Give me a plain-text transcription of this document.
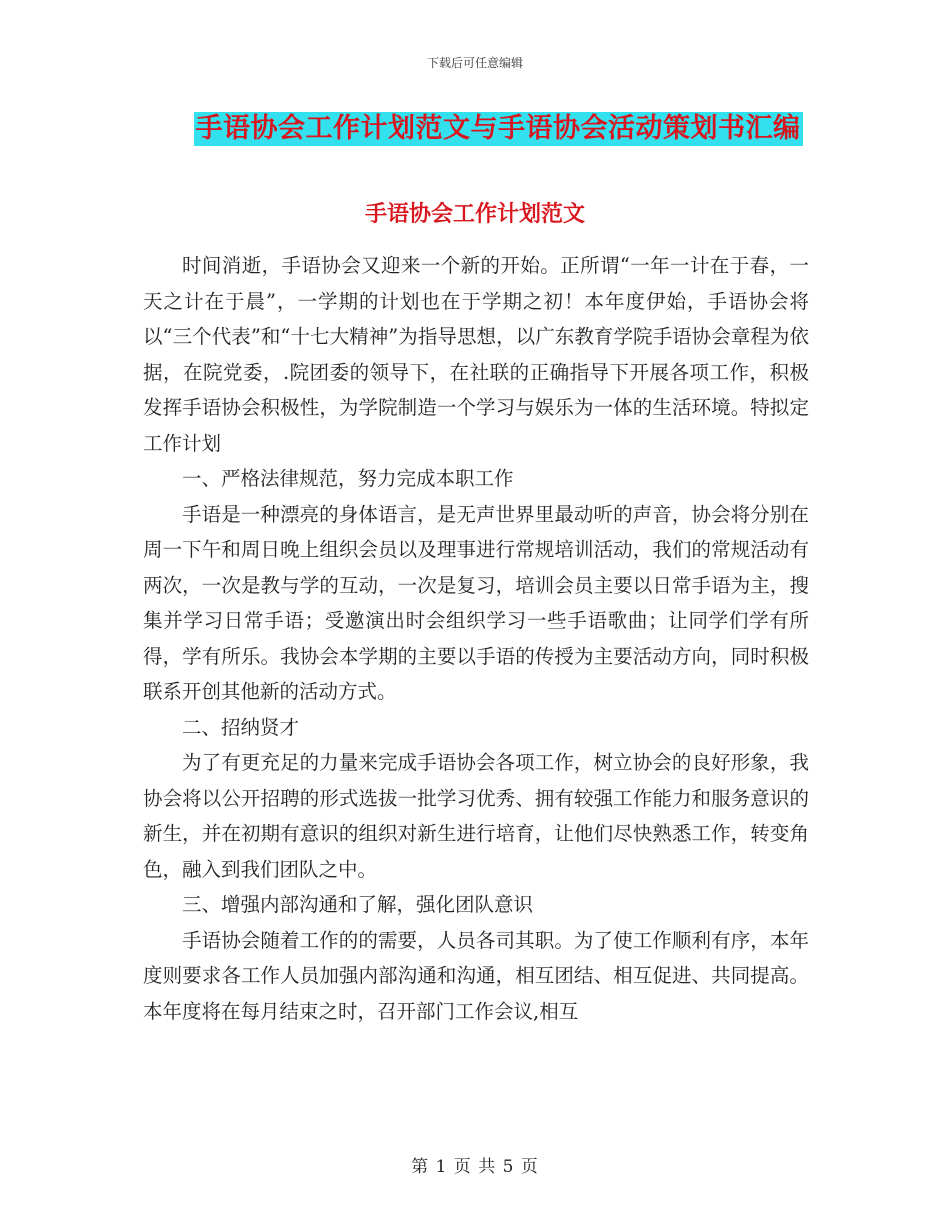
下载后可任意编辑
手语协会工作计划范文与手语协会活动策划书汇编
手语协会工作计划范文

时间消逝，手语协会又迎来一个新的开始。正所谓“一年一计在于春，一天之计在于晨”，一学期的计划也在于学期之初！本年度伊始，手语协会将以“三个代表”和“十七大精神”为指导思想，以广东教育学院手语协会章程为依据，在院党委，.院团委的领导下，在社联的正确指导下开展各项工作，积极发挥手语协会积极性，为学院制造一个学习与娱乐为一体的生活环境。特拟定工作计划

一、严格法律规范，努力完成本职工作

手语是一种漂亮的身体语言，是无声世界里最动听的声音，协会将分别在周一下午和周日晚上组织会员以及理事进行常规培训活动，我们的常规活动有两次，一次是教与学的互动，一次是复习，培训会员主要以日常手语为主，搜集并学习日常手语；受邀演出时会组织学习一些手语歌曲；让同学们学有所得，学有所乐。我协会本学期的主要以手语的传授为主要活动方向，同时积极联系开创其他新的活动方式。

二、招纳贤才

为了有更充足的力量来完成手语协会各项工作，树立协会的良好形象，我协会将以公开招聘的形式选拔一批学习优秀、拥有较强工作能力和服务意识的新生，并在初期有意识的组织对新生进行培育，让他们尽快熟悉工作，转变角色，融入到我们团队之中。

三、增强内部沟通和了解，强化团队意识

手语协会随着工作的的需要，人员各司其职。为了使工作顺利有序，本年度则要求各工作人员加强内部沟通和沟通，相互团结、相互促进、共同提高。本年度将在每月结束之时，召开部门工作会议,相互

第 1 页 共 5 页
